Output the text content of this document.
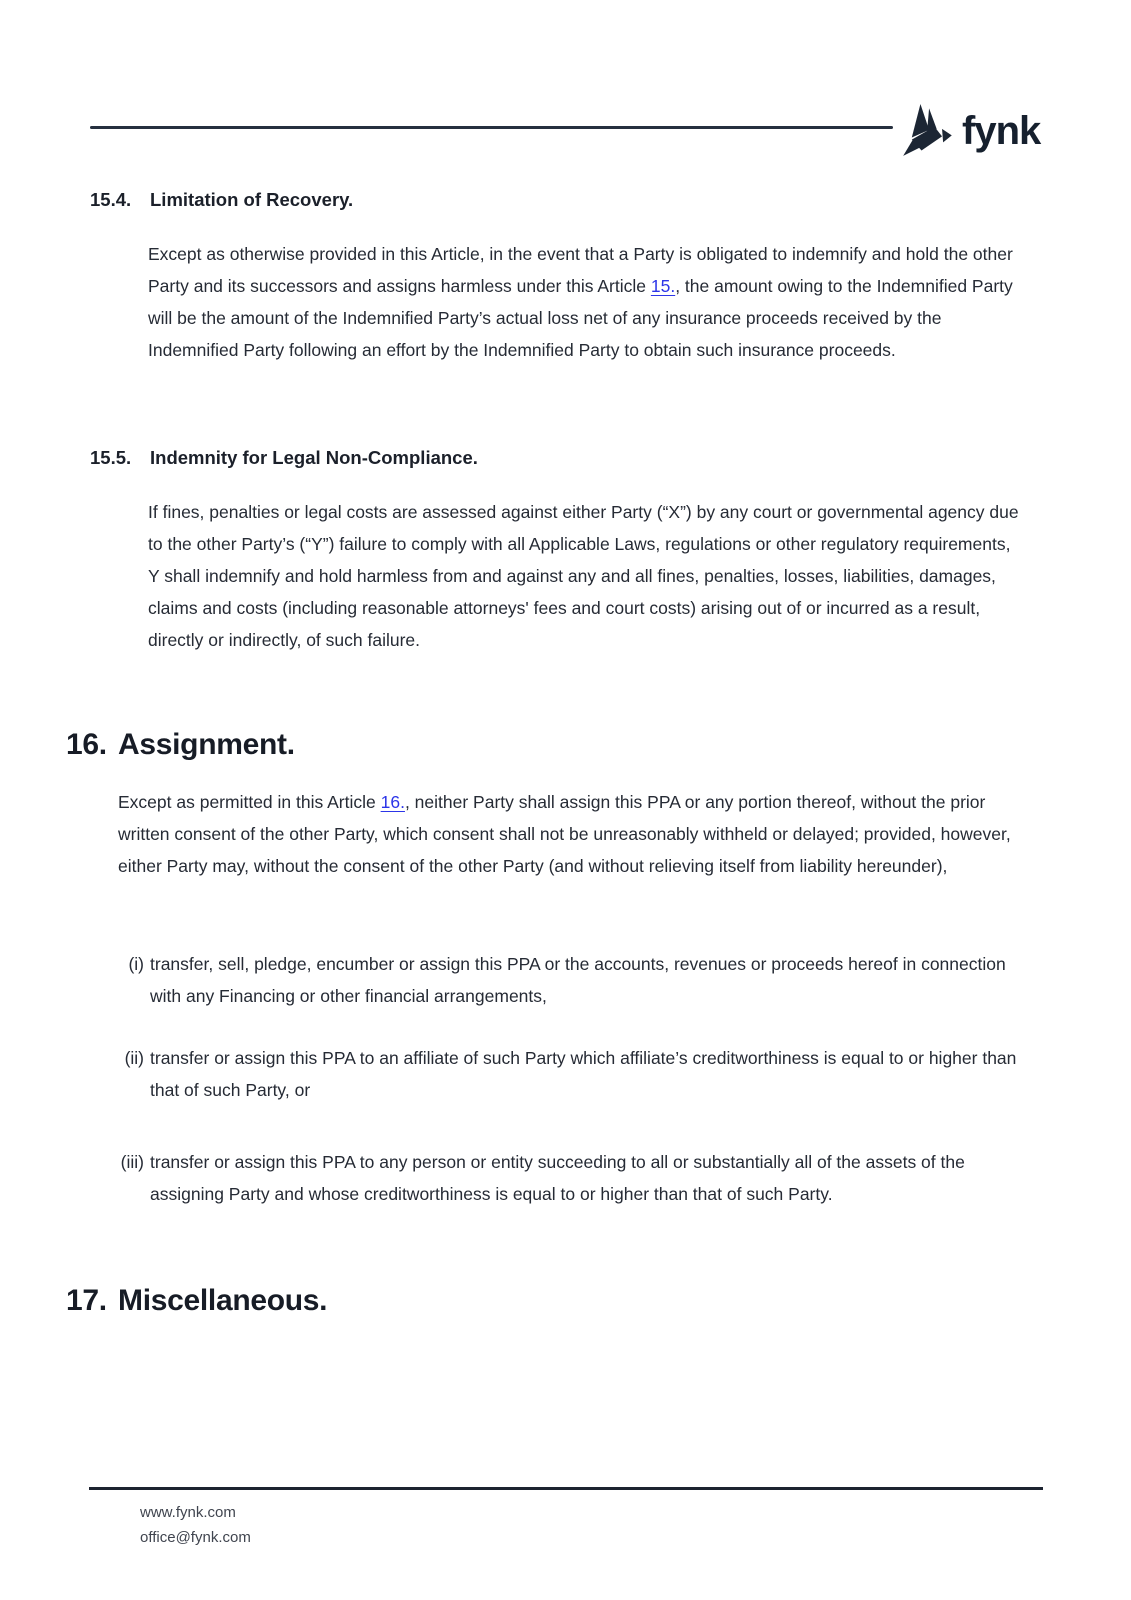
fynk
15.4.	Limitation of Recovery.

Except as otherwise provided in this Article, in the event that a Party is obligated to indemnify and hold the other Party and its successors and assigns harmless under this Article 15., the amount owing to the Indemnified Party will be the amount of the Indemnified Party’s actual loss net of any insurance proceeds received by the Indemnified Party following an effort by the Indemnified Party to obtain such insurance proceeds.

15.5.	Indemnity for Legal Non-Compliance.

If fines, penalties or legal costs are assessed against either Party (“X”) by any court or governmental agency due to the other Party’s (“Y”) failure to comply with all Applicable Laws, regulations or other regulatory requirements, Y shall indemnify and hold harmless from and against any and all fines, penalties, losses, liabilities, damages, claims and costs (including reasonable attorneys' fees and court costs) arising out of or incurred as a result, directly or indirectly, of such failure.

16. Assignment.

Except as permitted in this Article 16., neither Party shall assign this PPA or any portion thereof, without the prior written consent of the other Party, which consent shall not be unreasonably withheld or delayed; provided, however, either Party may, without the consent of the other Party (and without relieving itself from liability hereunder),

(i) transfer, sell, pledge, encumber or assign this PPA or the accounts, revenues or proceeds hereof in connection with any Financing or other financial arrangements,
(ii) transfer or assign this PPA to an affiliate of such Party which affiliate’s creditworthiness is equal to or higher than that of such Party, or
(iii) transfer or assign this PPA to any person or entity succeeding to all or substantially all of the assets of the assigning Party and whose creditworthiness is equal to or higher than that of such Party.
17. Miscellaneous.
www.fynk.com
office@fynk.com
